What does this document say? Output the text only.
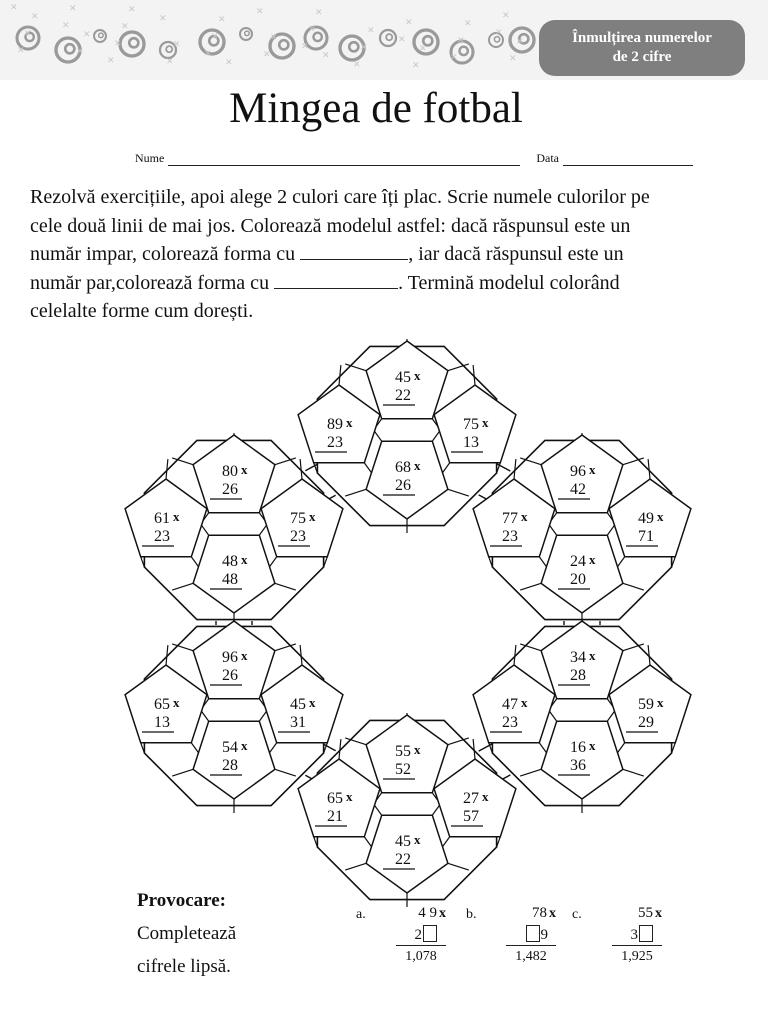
✕
✕
✕
✕
✕
✕
✕
✕
✕
✕
✕
✕
✕
✕
✕
✕
✕
✕
✕
✕
✕
✕
✕
✕
✕
✕
✕
✕
✕
✕
✕
✕
✕
✕
✕
✕
✕
✕
✕
✕	Înmulțirea numerelor
de 2 cifre
Mingea de fotbal
Nume	Data
Rezolvă exercițiile, apoi alege 2 culori care îți plac. Scrie numele culorilor pe
cele două linii de mai jos. Colorează modelul astfel: dacă răspunsul este un
număr impar, colorează forma cu	, iar dacă răspunsul este un
număr par,colorează forma cu	. Termină modelul colorând
celelalte forme cum dorești.
45 x
22
89 x
23
75 x
13
68 x
26
80 x
26
61 x
23
75 x
23
48 x
48
96 x
42
77 x
23
49 x
71
24 x
20
96 x
26
65 x
13
45 x
31
54 x
28
34 x
28
47 x
23
59 x
29
16 x
36
55 x
52
65 x
21
27 x
57
45 x
22
Provocare:
Completează
cifrele lipsă.
a.	4 9 x
2
1,078
b.	78 x
9
1,482
c.	55 x
3
1,925
